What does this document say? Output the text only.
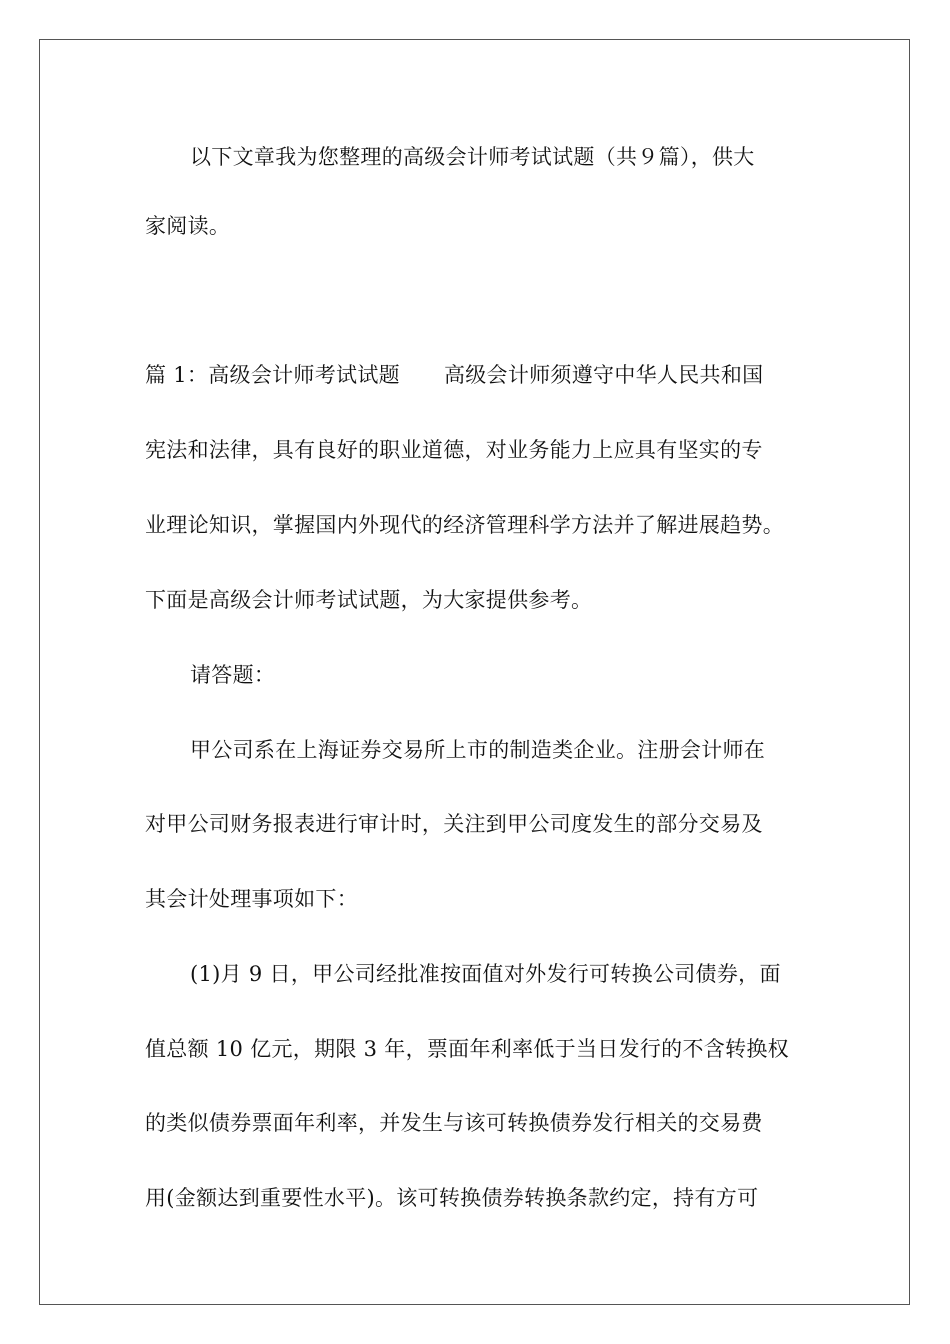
以下文章我为您整理的高级会计师考试试题（共９篇），供大
家阅读。
篇 1：高级会计师考试试题 高级会计师须遵守中华人民共和国
宪法和法律，具有良好的职业道德，对业务能力上应具有坚实的专
业理论知识，掌握国内外现代的经济管理科学方法并了解进展趋势。
下面是高级会计师考试试题，为大家提供参考。
请答题：
甲公司系在上海证券交易所上市的制造类企业。注册会计师在
对甲公司财务报表进行审计时，关注到甲公司度发生的部分交易及
其会计处理事项如下：
(1)月 9 日，甲公司经批准按面值对外发行可转换公司债券，面
值总额 10 亿元，期限 3 年，票面年利率低于当日发行的不含转换权
的类似债券票面年利率，并发生与该可转换债券发行相关的交易费
用(金额达到重要性水平)。该可转换债券转换条款约定，持有方可
